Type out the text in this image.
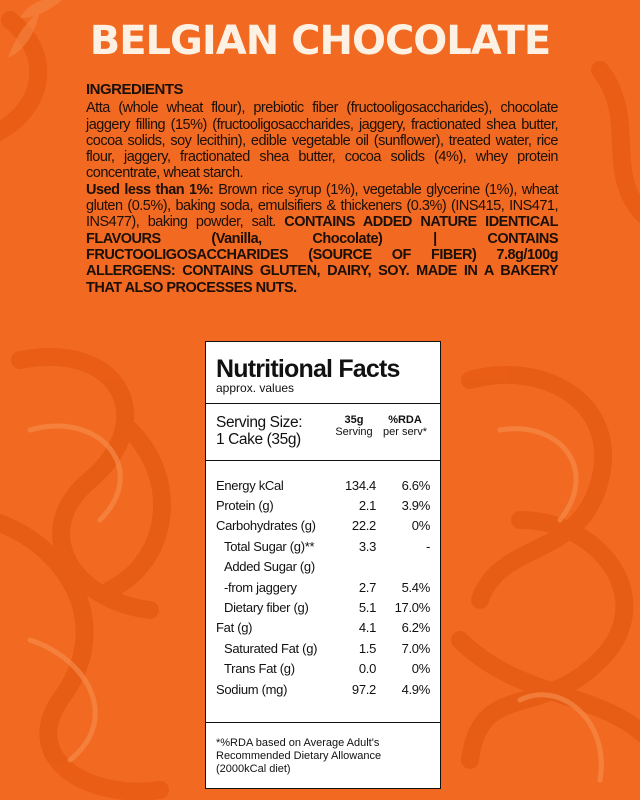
BELGIAN CHOCOLATE
INGREDIENTS
Atta (whole wheat flour), prebiotic fiber (fructooligosaccharides), chocolate jaggery filling (15%) (fructooligosaccharides, jaggery, fractionated shea butter, cocoa solids, soy lecithin), edible vegetable oil (sunflower), treated water, rice flour, jaggery, fractionated shea butter, cocoa solids (4%), whey protein concentrate, wheat starch.
Used less than 1%: Brown rice syrup (1%), vegetable glycerine (1%), wheat gluten (0.5%), baking soda, emulsifiers & thickeners (0.3%) (INS415, INS471, INS477), baking powder, salt. CONTAINS ADDED NATURE IDENTICAL FLAVOURS (Vanilla, Chocolate) | CONTAINS FRUCTOOLIGOSACCHARIDES (SOURCE OF FIBER) 7.8g/100g ALLERGENS: CONTAINS GLUTEN, DAIRY, SOY. MADE IN A BAKERY THAT ALSO PROCESSES NUTS.
Nutritional Facts
approx. values
Serving Size:
1 Cake (35g)
35g
Serving
%RDA
per serv*
Energy kCal	134.4	6.6%
Protein (g)	2.1	3.9%
Carbohydrates (g)	22.2	0%
Total Sugar (g)**	3.3	-
Added Sugar (g)
-from jaggery	2.7	5.4%
Dietary fiber (g)	5.1	17.0%
Fat (g)	4.1	6.2%
Saturated Fat (g)	1.5	7.0%
Trans Fat (g)	0.0	0%
Sodium (mg)	97.2	4.9%
*%RDA based on Average Adult's Recommended Dietary Allowance (2000kCal diet)
